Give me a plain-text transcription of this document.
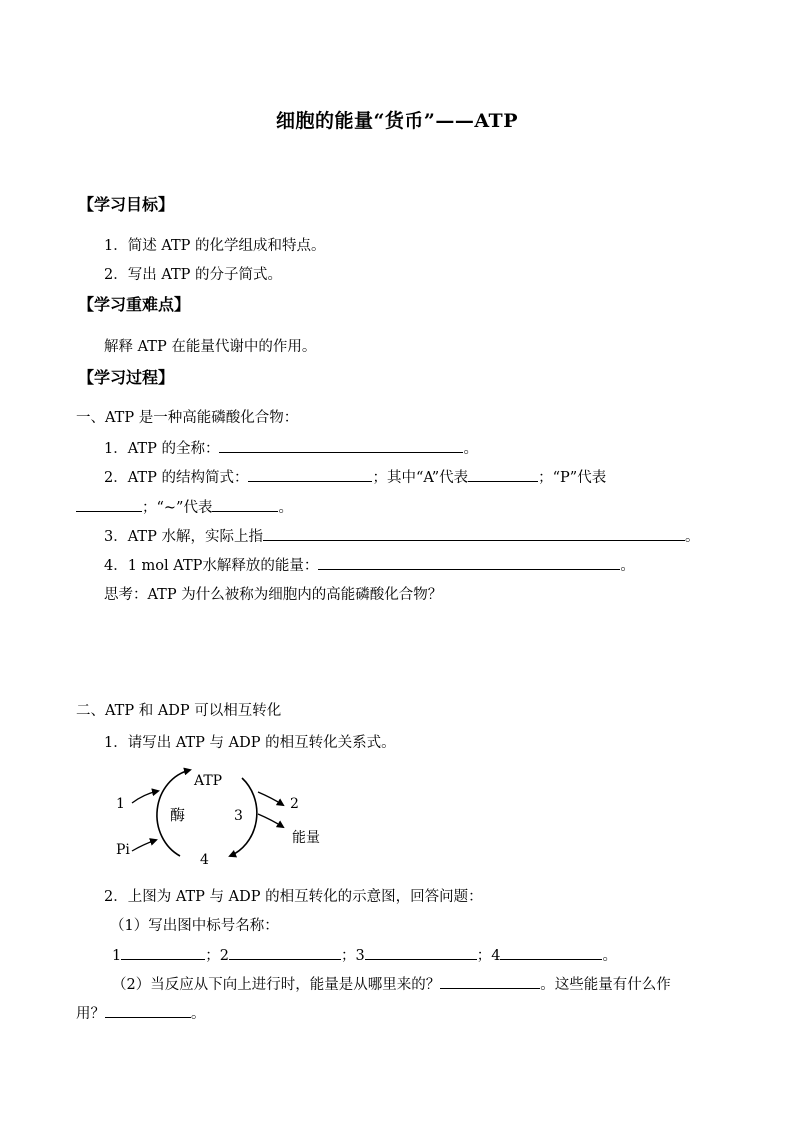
细胞的能量“货币”——ATP
【学习目标】
1．简述 ATP 的化学组成和特点。
2．写出 ATP 的分子简式。
【学习重难点】
解释 ATP 在能量代谢中的作用。
【学习过程】
一、ATP 是一种高能磷酸化合物：
1．ATP 的全称：	。
2．ATP 的结构简式：	；其中“A”代表	；“P”代表
；“~”代表	。
3．ATP 水解，实际上指	。
4．1 mol ATP水解释放的能量：	。
思考：ATP 为什么被称为细胞内的高能磷酸化合物？
二、ATP 和 ADP 可以相互转化
1．请写出 ATP 与 ADP 的相互转化关系式。
ATP
1
酶	3
2
能量
Pi
4
2．上图为 ATP 与 ADP 的相互转化的示意图，回答问题：
（1）写出图中标号名称：
1	；2	；3	；4	。
（2）当反应从下向上进行时，能量是从哪里来的？	。这些能量有什么作
用？	。
